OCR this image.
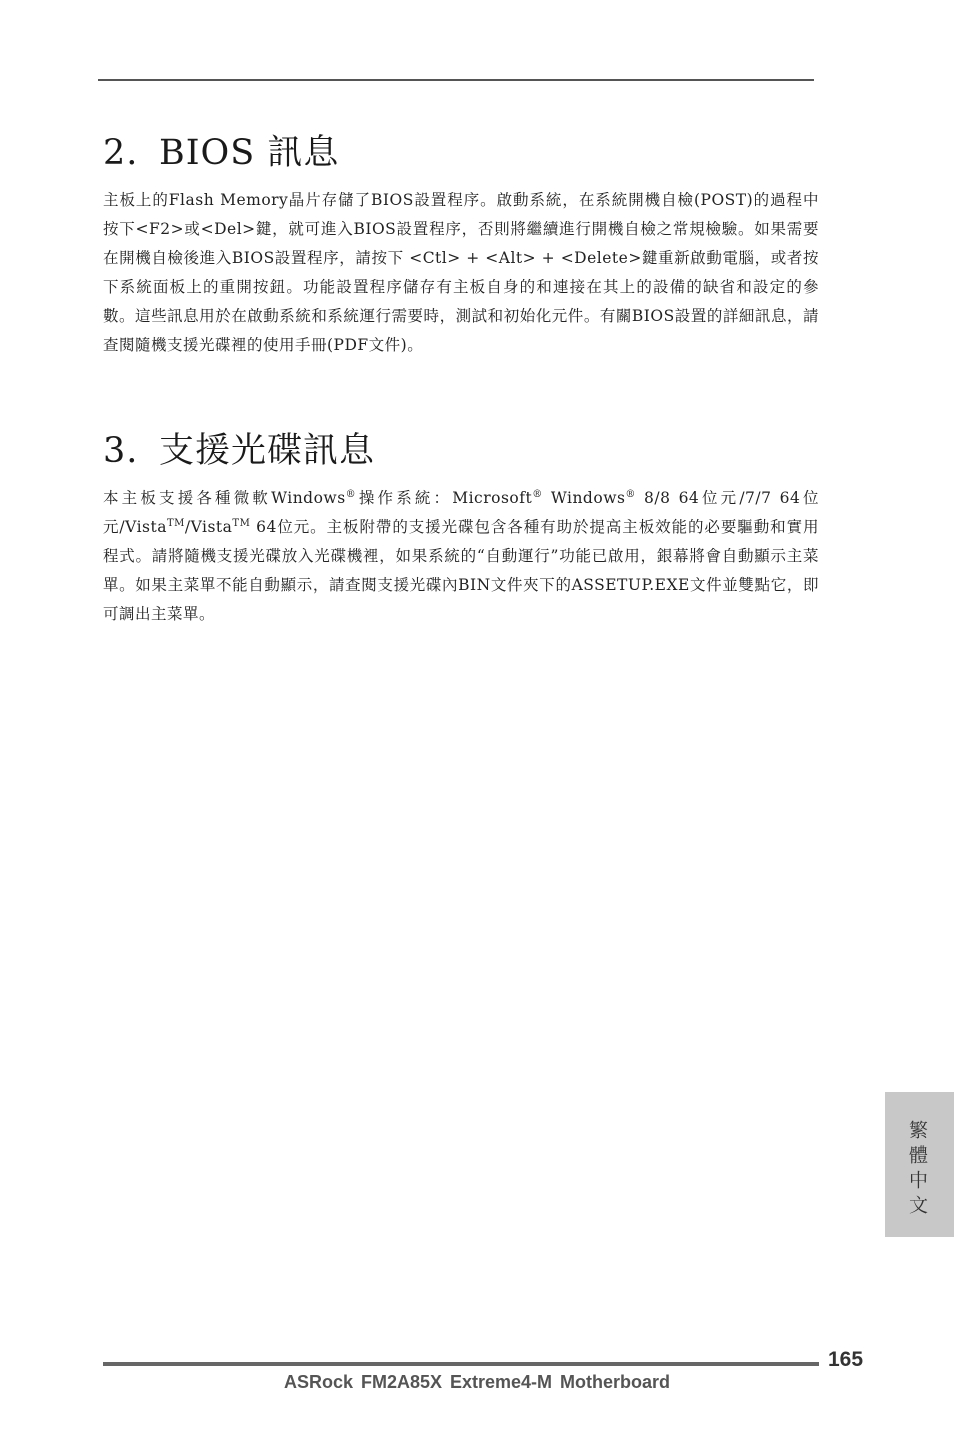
2. BIOS 訊息

主板上的Flash Memory晶片存儲了BIOS設置程序。啟動系統，在系統開機自檢(POST)的過程中按下<F2>或<Del>鍵，就可進入BIOS設置程序，否則將繼續進行開機自檢之常規檢驗。如果需要在開機自檢後進入BIOS設置程序，請按下 <Ctl> + <Alt> + <Delete>鍵重新啟動電腦，或者按下系統面板上的重開按鈕。功能設置程序儲存有主板自身的和連接在其上的設備的缺省和設定的參數。這些訊息用於在啟動系統和系統運行需要時，測試和初始化元件。有關BIOS設置的詳細訊息，請查閱隨機支援光碟裡的使用手冊(PDF文件)。

3. 支援光碟訊息

本主板支援各種微軟Windows®操作系統：Microsoft® Windows® 8/8 64位元/7/7 64位元/Vista™/Vista™ 64位元。主板附帶的支援光碟包含各種有助於提高主板效能的必要驅動和實用程式。請將隨機支援光碟放入光碟機裡，如果系統的“自動運行”功能已啟用，銀幕將會自動顯示主菜單。如果主菜單不能自動顯示，請查閱支援光碟內BIN文件夾下的ASSETUP.EXE文件並雙點它，即可調出主菜單。

繁體中文
165
ASRock FM2A85X Extreme4-M Motherboard
